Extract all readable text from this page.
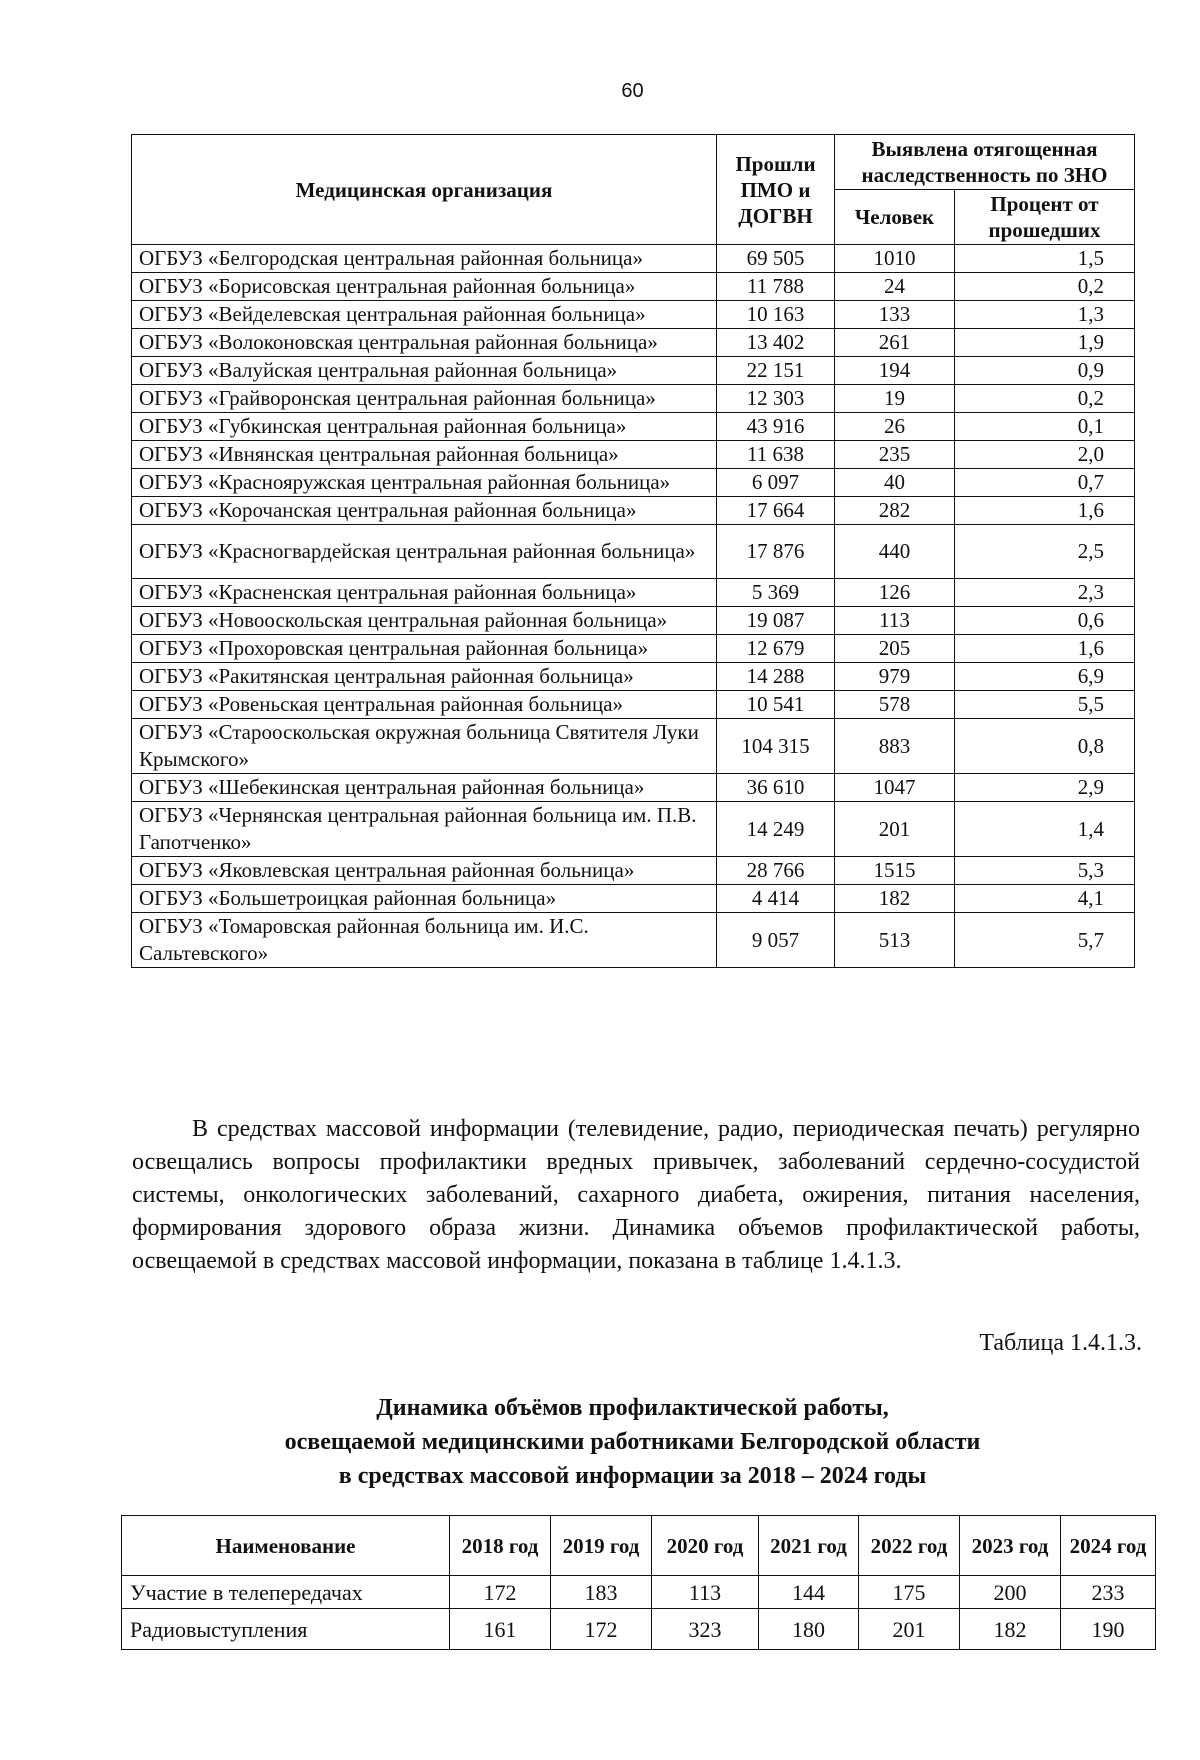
60
Медицинская организация	Прошли ПМО и ДОГВН	Выявлена отягощенная наследственность по ЗНО	
		Человек	Процент от прошедших
ОГБУЗ «Белгородская центральная районная больница»	69 505	1010	1,5
ОГБУЗ «Борисовская центральная районная больница»	11 788	24	0,2
ОГБУЗ «Вейделевская центральная районная больница»	10 163	133	1,3
ОГБУЗ «Волоконовская центральная районная больница»	13 402	261	1,9
ОГБУЗ «Валуйская центральная районная больница»	22 151	194	0,9
ОГБУЗ «Грайворонская центральная районная больница»	12 303	19	0,2
ОГБУЗ «Губкинская центральная районная больница»	43 916	26	0,1
ОГБУЗ «Ивнянская центральная районная больница»	11 638	235	2,0
ОГБУЗ «Краснояружская центральная районная больница»	6 097	40	0,7
ОГБУЗ «Корочанская центральная районная больница»	17 664	282	1,6
ОГБУЗ «Красногвардейская центральная районная больница»	17 876	440	2,5
ОГБУЗ «Красненская центральная районная больница»	5 369	126	2,3
ОГБУЗ «Новооскольская центральная районная больница»	19 087	113	0,6
ОГБУЗ «Прохоровская центральная районная больница»	12 679	205	1,6
ОГБУЗ «Ракитянская центральная районная больница»	14 288	979	6,9
ОГБУЗ «Ровеньская центральная районная больница»	10 541	578	5,5
ОГБУЗ «Старооскольская окружная больница Святителя Луки Крымского»	104 315	883	0,8
ОГБУЗ «Шебекинская центральная районная больница»	36 610	1047	2,9
ОГБУЗ «Чернянская центральная районная больница им. П.В. Гапотченко»	14 249	201	1,4
ОГБУЗ «Яковлевская центральная районная больница»	28 766	1515	5,3
ОГБУЗ «Большетроицкая районная больница»	4 414	182	4,1
ОГБУЗ «Томаровская районная больница им. И.С. Сальтевского»	9 057	513	5,7

В средствах массовой информации (телевидение, радио, периодическая печать) регулярно освещались вопросы профилактики вредных привычек, заболеваний сердечно-сосудистой системы, онкологических заболеваний, сахарного диабета, ожирения, питания населения, формирования здорового образа жизни. Динамика объемов профилактической работы, освещаемой в средствах массовой информации, показана в таблице 1.4.1.3.

Таблица 1.4.1.3.
Динамика объёмов профилактической работы,
освещаемой медицинскими работниками Белгородской области
в средствах массовой информации за 2018 – 2024 годы
Наименование	2018 год	2019 год	2020 год	2021 год	2022 год	2023 год	2024 год
Участие в телепередачах	172	183	113	144	175	200	233
Радиовыступления	161	172	323	180	201	182	190
